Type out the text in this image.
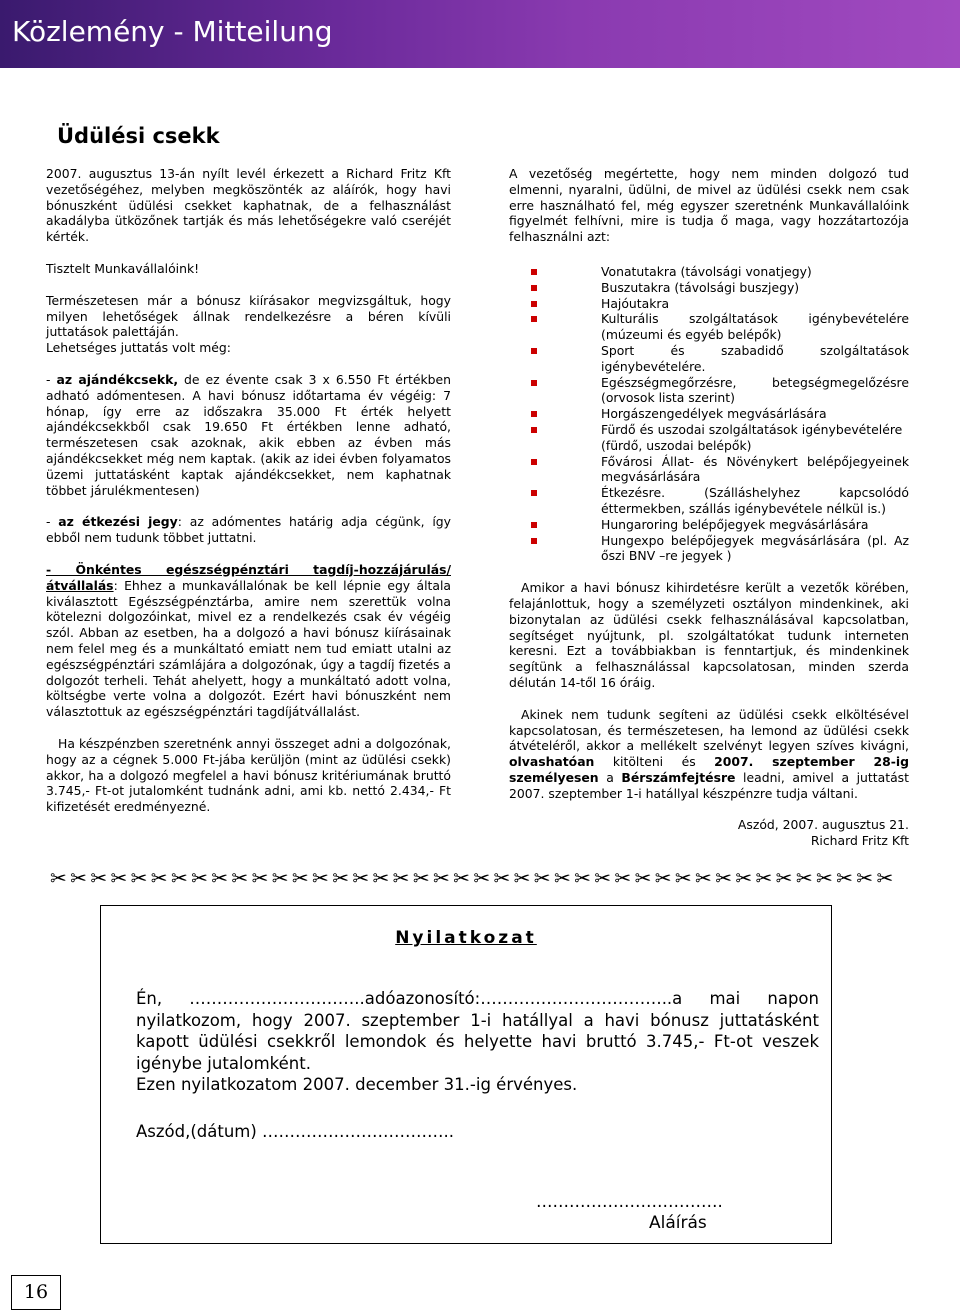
Közlemény - Mitteilung
Üdülési csekk

2007. augusztus 13-án nyílt levél érkezett a Richard Fritz Kft vezetőségéhez, melyben megköszönték az aláírók, hogy havi bónuszként üdülési csekket kaphatnak, de a felhasználást akadályba ütközőnek tartják és más lehetőségekre való cseréjét kérték.

Tisztelt Munkavállalóink!

Természetesen már a bónusz kiírásakor megvizsgáltuk, hogy milyen lehetőségek állnak rendelkezésre a béren kívüli juttatások palettáján.

Lehetséges juttatás volt még:

- az ajándékcsekk, de ez évente csak 3 x 6.550 Ft értékben adható adómentesen. A havi bónusz időtartama év végéig: 7 hónap, így erre az időszakra 35.000 Ft érték helyett ajándékcsekkből csak 19.650 Ft értékben lenne adható, természetesen csak azoknak, akik ebben az évben más ajándékcsekket még nem kaptak. (akik az idei évben folyamatos üzemi juttatásként kaptak ajándékcsekket, nem kaphatnak többet járulékmentesen)

- az étkezési jegy: az adómentes határig adja cégünk, így ebből nem tudunk többet juttatni.

- Önkéntes egészségpénztári tagdíj-hozzájárulás/átvállalás: Ehhez a munkavállalónak be kell lépnie egy általa kiválasztott Egészségpénztárba, amire nem szerettük volna kötelezni dolgozóinkat, mivel ez a rendelkezés csak év végéig szól. Abban az esetben, ha a dolgozó a havi bónusz kiírásainak nem felel meg és a munkáltató emiatt nem tud emiatt utalni az egészségpénztári számlájára a dolgozónak, úgy a tagdíj fizetés a dolgozót terheli. Tehát ahelyett, hogy a munkáltató adott volna, költségbe verte volna a dolgozót. Ezért havi bónuszként nem választottuk az egészségpénztári tagdíjátvállalást.

Ha készpénzben szeretnénk annyi összeget adni a dolgozónak, hogy az a cégnek 5.000 Ft-jába kerüljön (mint az üdülési csekk) akkor, ha a dolgozó megfelel a havi bónusz kritériumának bruttó 3.745,- Ft-ot jutalomként tudnánk adni, ami kb. nettó 2.434,- Ft kifizetését eredményezné.

A vezetőség megértette, hogy nem minden dolgozó tud elmenni, nyaralni, üdülni, de mivel az üdülési csekk nem csak erre használható fel, még egyszer szeretnénk Munkavállalóink figyelmét felhívni, mire is tudja ő maga, vagy hozzátartozója felhasználni azt:

Vonatutakra (távolsági vonatjegy)
Buszutakra (távolsági buszjegy)
Hajóutakra
Kulturális szolgáltatások igénybevételére
(múzeumi és egyéb belépők)
Sport és szabadidő szolgáltatások
igénybevételére.
Egészségmegőrzésre, betegségmegelőzésre
(orvosok lista szerint)
Horgászengedélyek megvásárlására
Fürdő és uszodai szolgáltatások igénybevételére
(fürdő, uszodai belépők)
Fővárosi Állat- és Növénykert belépőjegyeinek
megvásárlására
Étkezésre. (Szálláshelyhez kapcsolódó
éttermekben, szállás igénybevétele nélkül is.)
Hungaroring belépőjegyek megvásárlására
Hungexpo belépőjegyek megvásárlására (pl. Az
őszi BNV –re jegyek )

Amikor a havi bónusz kihirdetésre került a vezetők körében, felajánlottuk, hogy a személyzeti osztályon mindenkinek, aki bizonytalan az üdülési csekk felhasználásával kapcsolatban, segítséget nyújtunk, pl. szolgáltatókat tudunk interneten keresni. Ezt a továbbiakban is fenntartjuk, és mindenkinek segítünk a felhasználással kapcsolatosan, minden szerda délután 14-től 16 óráig.

Akinek nem tudunk segíteni az üdülési csekk elköltésével kapcsolatosan, és természetesen, ha lemond az üdülési csekk átvételéről, akkor a mellékelt szelvényt legyen szíves kivágni, olvashatóan kitölteni és 2007. szeptember 28-ig személyesen a Bérszámfejtésre leadni, amivel a juttatást 2007. szeptember 1-i hatállyal készpénzre tudja váltani.

Aszód, 2007. augusztus 21.

Richard Fritz Kft

✂✂✂✂✂✂✂✂✂✂✂✂✂✂✂✂✂✂✂✂✂✂✂✂✂✂✂✂✂✂✂✂✂✂✂✂✂✂✂✂✂✂
Nyilatkozat

Én, …………………………..adóazonosító:……………………………..a mai napon nyilatkozom, hogy 2007. szeptember 1-i hatállyal a havi bónusz juttatásként kapott üdülési csekkről lemondok és helyette havi bruttó 3.745,- Ft-ot veszek igénybe jutalomként.

Ezen nyilatkozatom 2007. december 31.-ig érvényes.

Aszód,(dátum) ……………………………..
…………………………….
Aláírás
16
